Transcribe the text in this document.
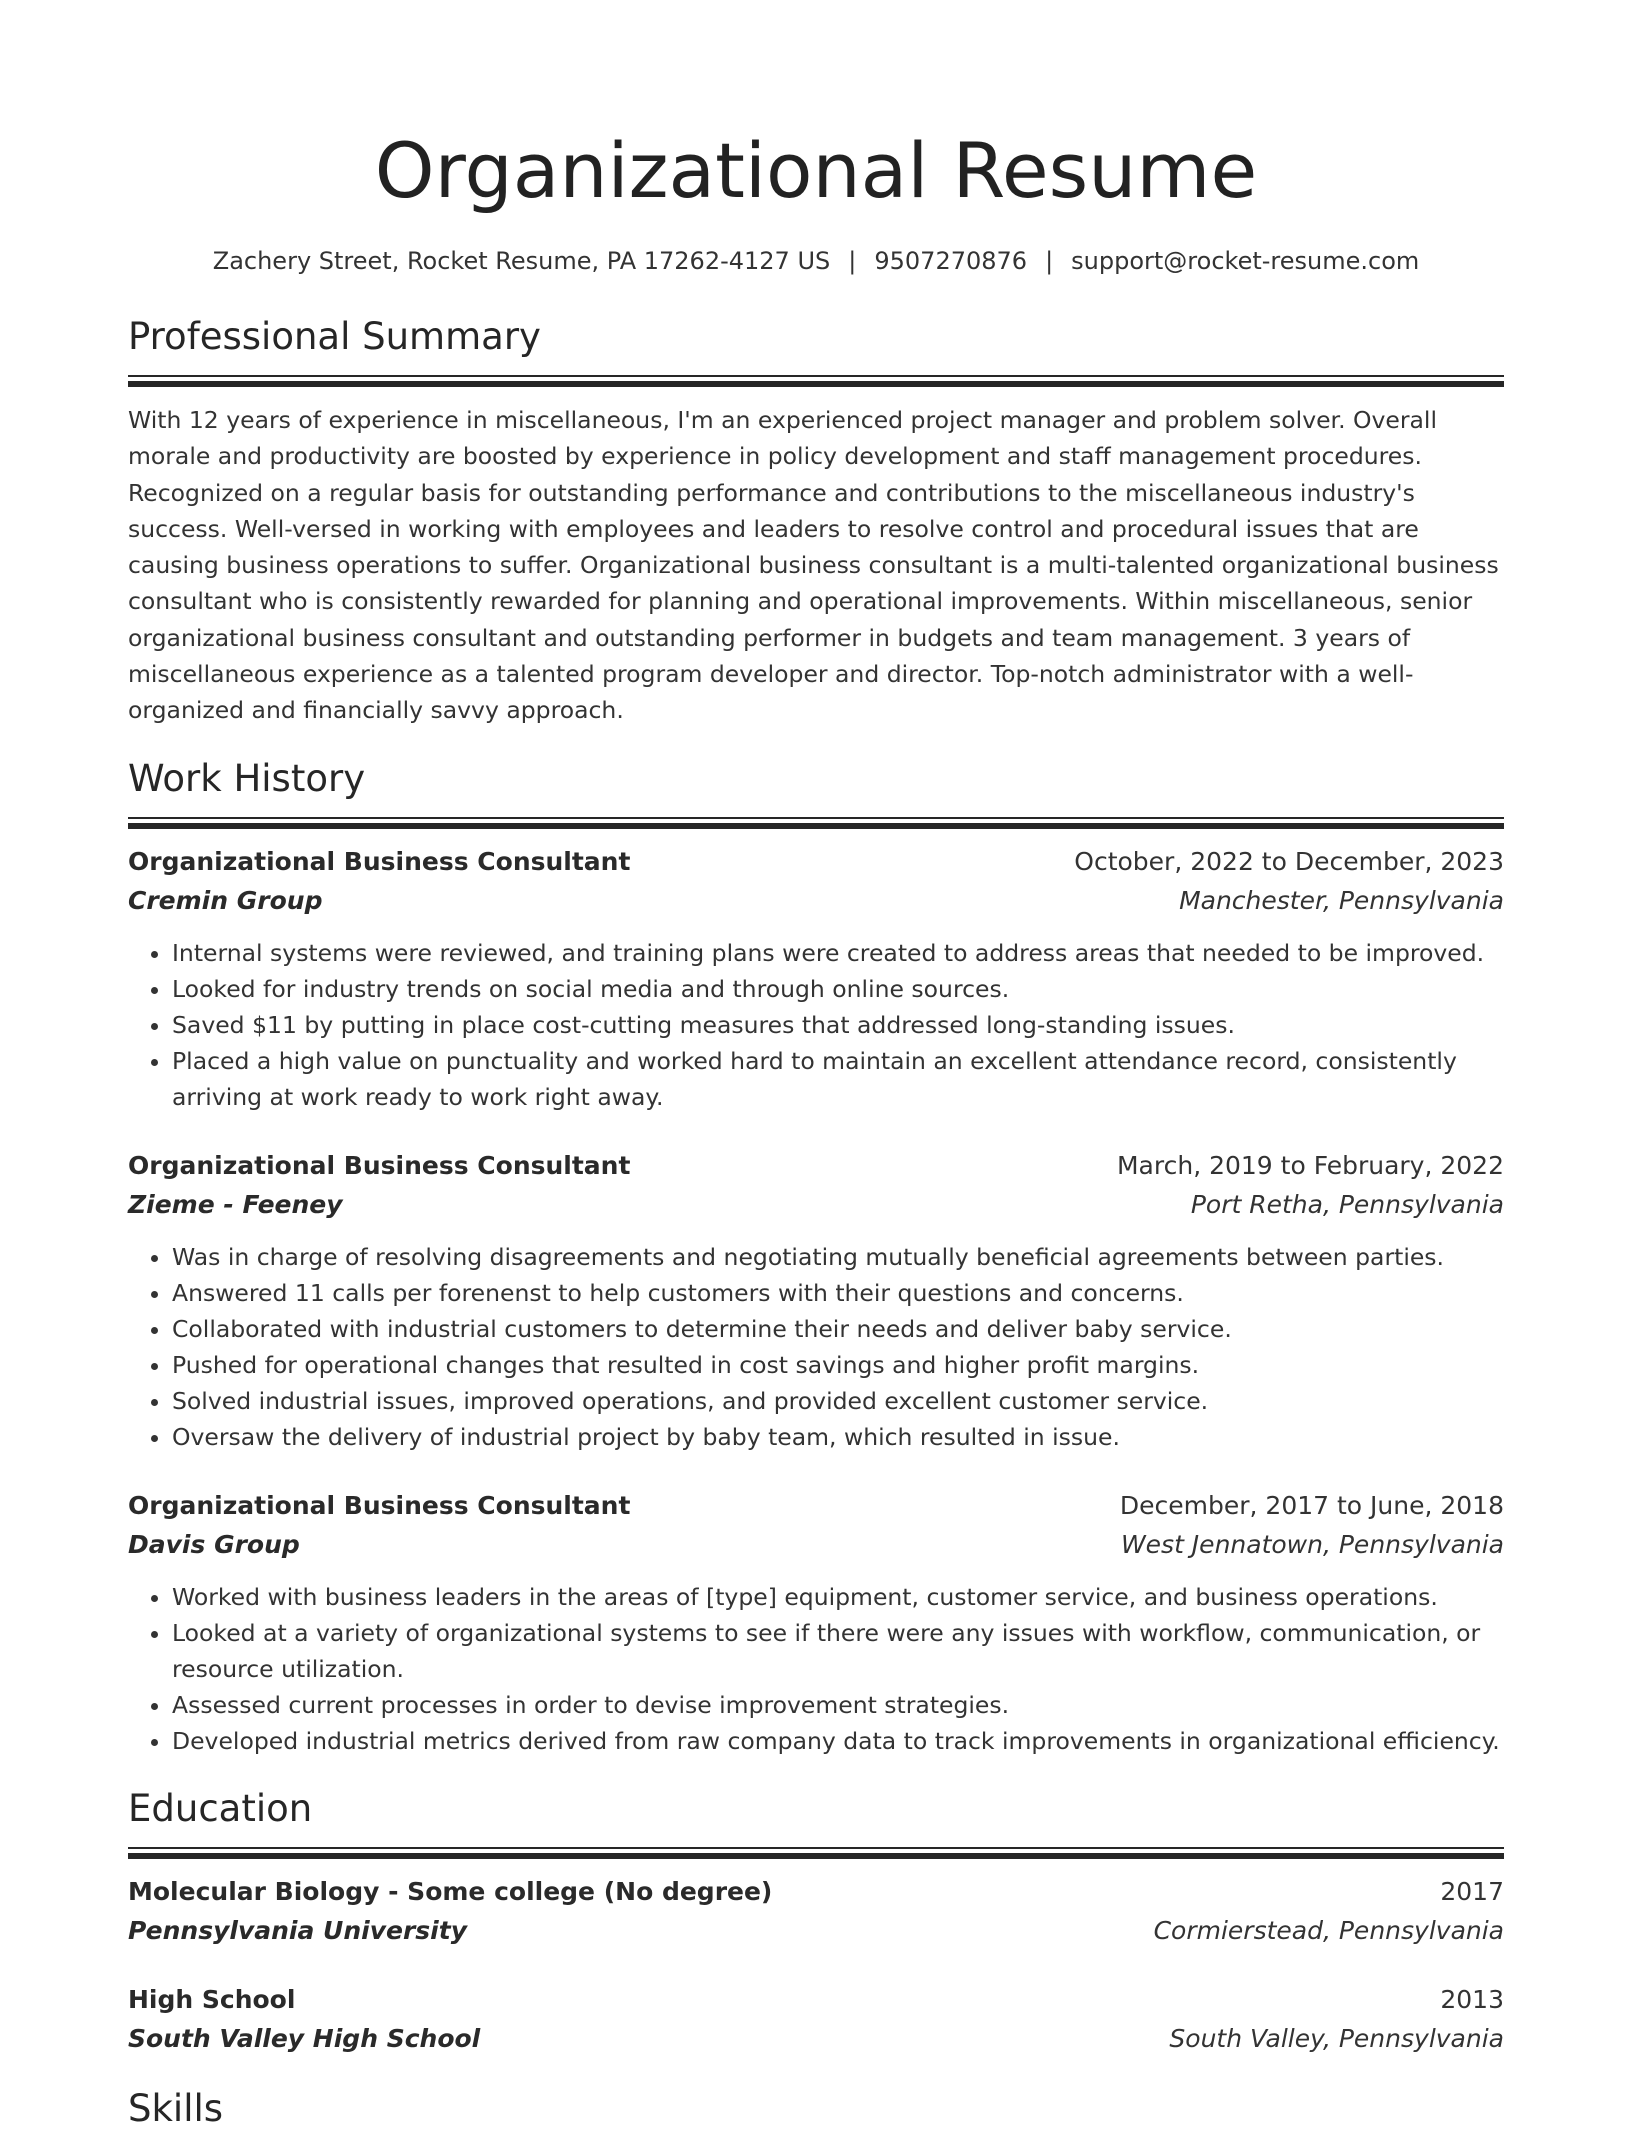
Organizational Resume
Zachery Street, Rocket Resume, PA 17262-4127 US | 9507270876 | support@rocket-resume.com
Professional Summary
With 12 years of experience in miscellaneous, I'm an experienced project manager and problem solver. Overall morale and productivity are boosted by experience in policy development and staff management procedures. Recognized on a regular basis for outstanding performance and contributions to the miscellaneous industry's success. Well-versed in working with employees and leaders to resolve control and procedural issues that are causing business operations to suffer. Organizational business consultant is a multi-talented organizational business consultant who is consistently rewarded for planning and operational improvements. Within miscellaneous, senior organizational business consultant and outstanding performer in budgets and team management. 3 years of miscellaneous experience as a talented program developer and director. Top-notch administrator with a well-organized and financially savvy approach.
Work History
Organizational Business Consultant	October, 2022 to December, 2023
Cremin Group	Manchester, Pennsylvania
• Internal systems were reviewed, and training plans were created to address areas that needed to be improved.
• Looked for industry trends on social media and through online sources.
• Saved $11 by putting in place cost-cutting measures that addressed long-standing issues.
• Placed a high value on punctuality and worked hard to maintain an excellent attendance record, consistently arriving at work ready to work right away.
Organizational Business Consultant	March, 2019 to February, 2022
Zieme - Feeney	Port Retha, Pennsylvania
• Was in charge of resolving disagreements and negotiating mutually beneficial agreements between parties.
• Answered 11 calls per forenenst to help customers with their questions and concerns.
• Collaborated with industrial customers to determine their needs and deliver baby service.
• Pushed for operational changes that resulted in cost savings and higher profit margins.
• Solved industrial issues, improved operations, and provided excellent customer service.
• Oversaw the delivery of industrial project by baby team, which resulted in issue.
Organizational Business Consultant	December, 2017 to June, 2018
Davis Group	West Jennatown, Pennsylvania
• Worked with business leaders in the areas of [type] equipment, customer service, and business operations.
• Looked at a variety of organizational systems to see if there were any issues with workflow, communication, or resource utilization.
• Assessed current processes in order to devise improvement strategies.
• Developed industrial metrics derived from raw company data to track improvements in organizational efficiency.
Education
Molecular Biology - Some college (No degree)	2017
Pennsylvania University	Cormierstead, Pennsylvania
High School	2013
South Valley High School	South Valley, Pennsylvania
Skills
